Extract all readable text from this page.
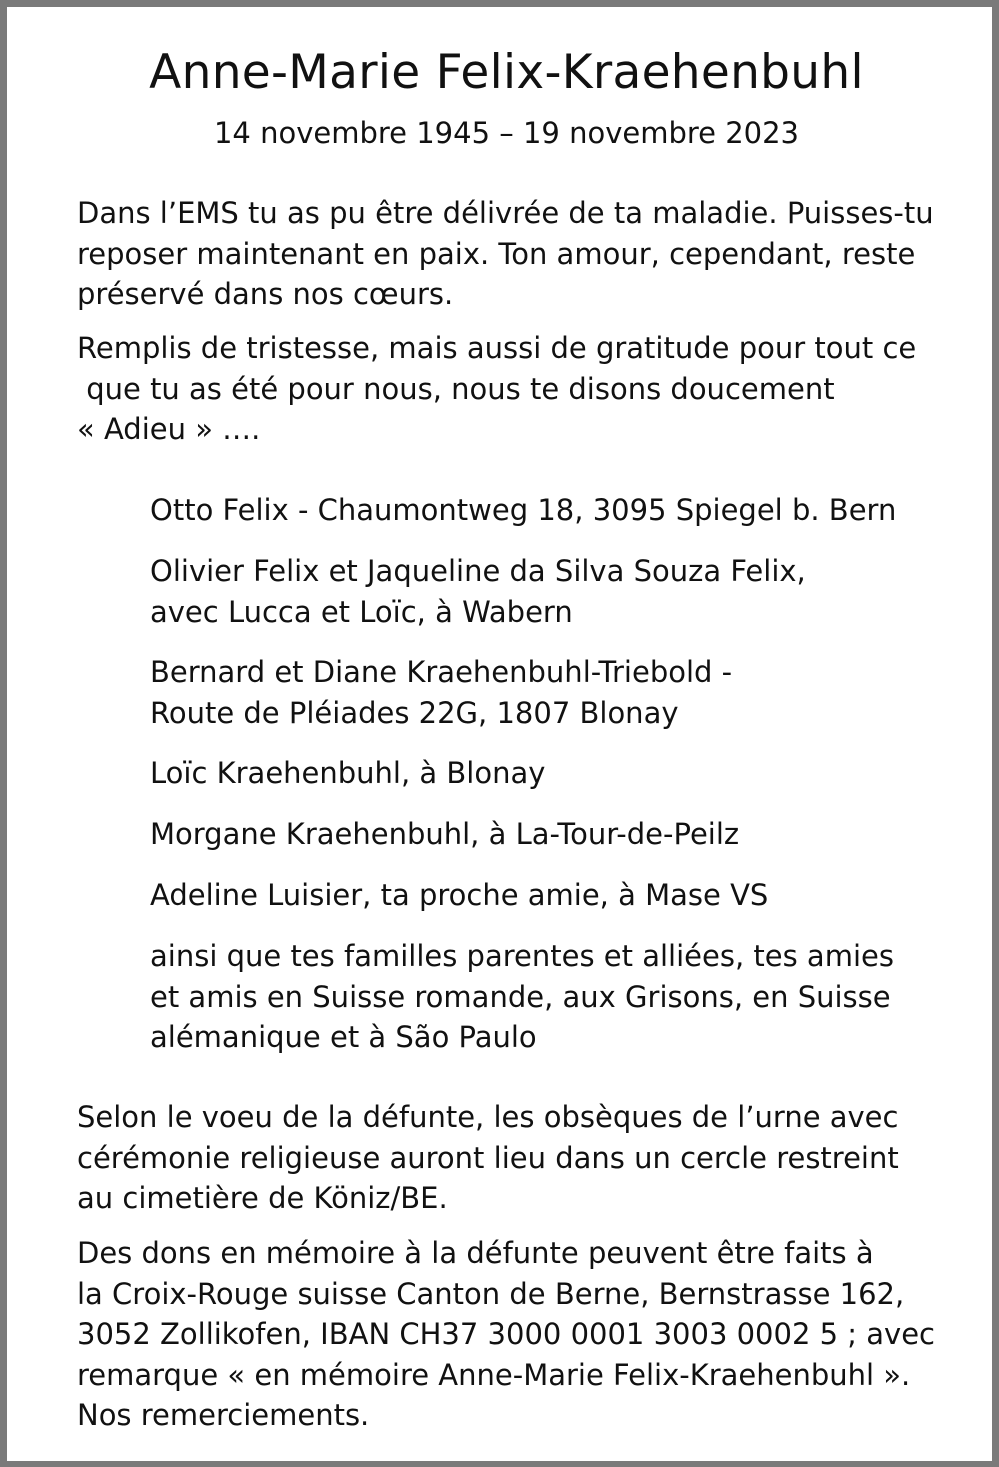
Anne-Marie Felix-Kraehenbuhl
14 novembre 1945 – 19 novembre 2023
Dans l’EMS tu as pu être délivrée de ta maladie. Puisses-tu
reposer maintenant en paix. Ton amour, cependant, reste
préservé dans nos cœurs.
Remplis de tristesse, mais aussi de gratitude pour tout ce
que tu as été pour nous, nous te disons doucement
« Adieu » ….
Otto Felix - Chaumontweg 18, 3095 Spiegel b. Bern
Olivier Felix et Jaqueline da Silva Souza Felix,
avec Lucca et Loïc, à Wabern
Bernard et Diane Kraehenbuhl-Triebold -
Route de Pléiades 22G, 1807 Blonay
Loïc Kraehenbuhl, à Blonay
Morgane Kraehenbuhl, à La-Tour-de-Peilz
Adeline Luisier, ta proche amie, à Mase VS
ainsi que tes familles parentes et alliées, tes amies
et amis en Suisse romande, aux Grisons, en Suisse
alémanique et à São Paulo
Selon le voeu de la défunte, les obsèques de l’urne avec
cérémonie religieuse auront lieu dans un cercle restreint
au cimetière de Köniz/BE.
Des dons en mémoire à la défunte peuvent être faits à
la Croix-Rouge suisse Canton de Berne, Bernstrasse 162,
3052 Zollikofen, IBAN CH37 3000 0001 3003 0002 5 ; avec
remarque « en mémoire Anne-Marie Felix-Kraehenbuhl ».
Nos remerciements.
